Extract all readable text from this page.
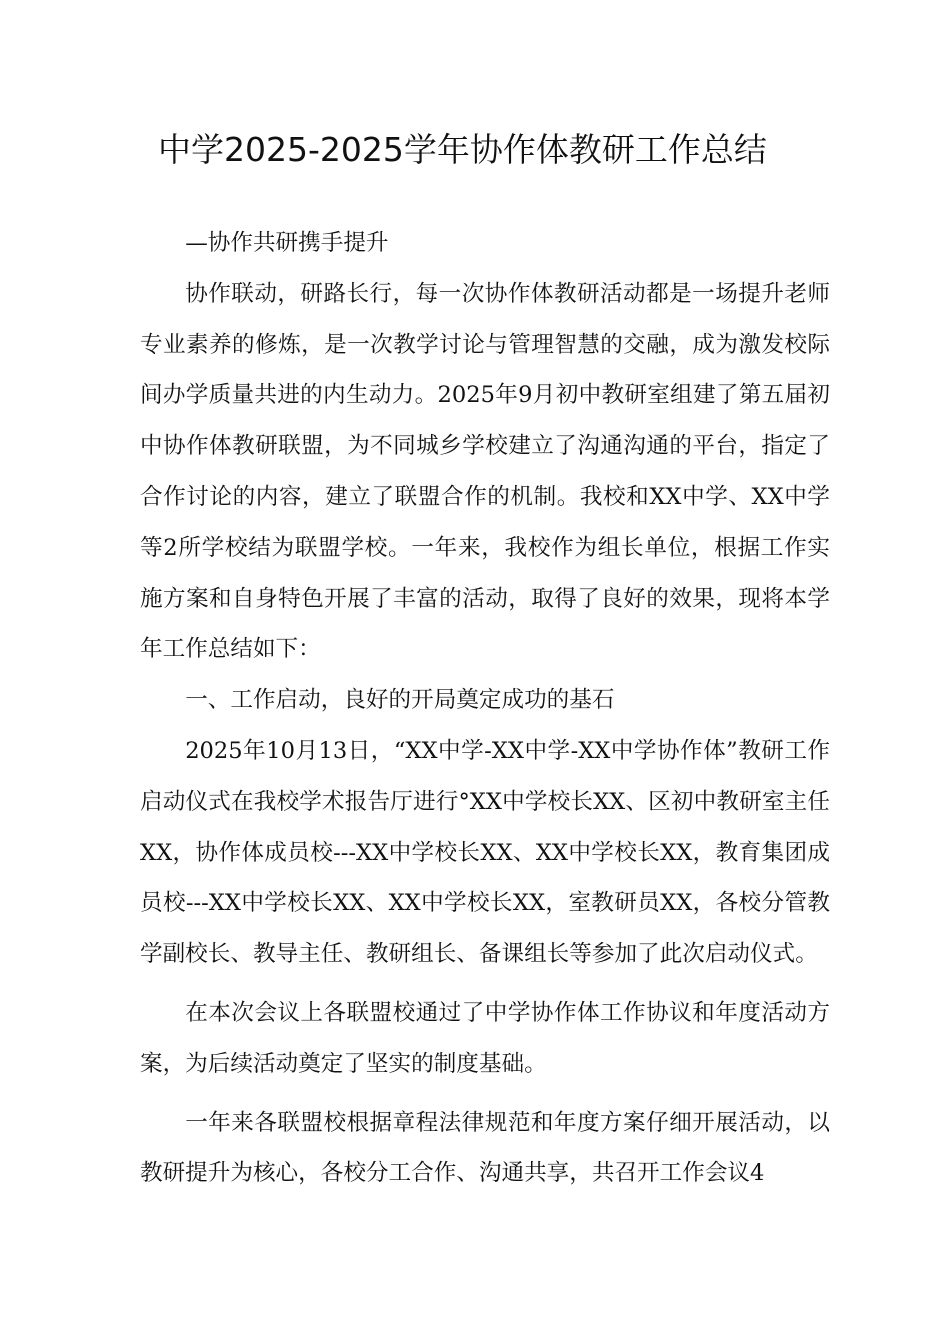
中学2025-2025学年协作体教研工作总结

—协作共研携手提升

协作联动，研路长行，每一次协作体教研活动都是一场提升老师专业素养的修炼，是一次教学讨论与管理智慧的交融，成为激发校际间办学质量共进的内生动力。2025年9月初中教研室组建了第五届初中协作体教研联盟，为不同城乡学校建立了沟通沟通的平台，指定了合作讨论的内容，建立了联盟合作的机制。我校和XX中学、XX中学等2所学校结为联盟学校。一年来，我校作为组长单位，根据工作实施方案和自身特色开展了丰富的活动，取得了良好的效果，现将本学年工作总结如下：

一、工作启动，良好的开局奠定成功的基石

2025年10月13日，“XX中学-XX中学-XX中学协作体”教研工作启动仪式在我校学术报告厅进行°XX中学校长XX、区初中教研室主任XX，协作体成员校---XX中学校长XX、XX中学校长XX，教育集团成员校---XX中学校长XX、XX中学校长XX，室教研员XX，各校分管教学副校长、教导主任、教研组长、备课组长等参加了此次启动仪式。

在本次会议上各联盟校通过了中学协作体工作协议和年度活动方案，为后续活动奠定了坚实的制度基础。

一年来各联盟校根据章程法律规范和年度方案仔细开展活动，以教研提升为核心，各校分工合作、沟通共享，共召开工作会议4
